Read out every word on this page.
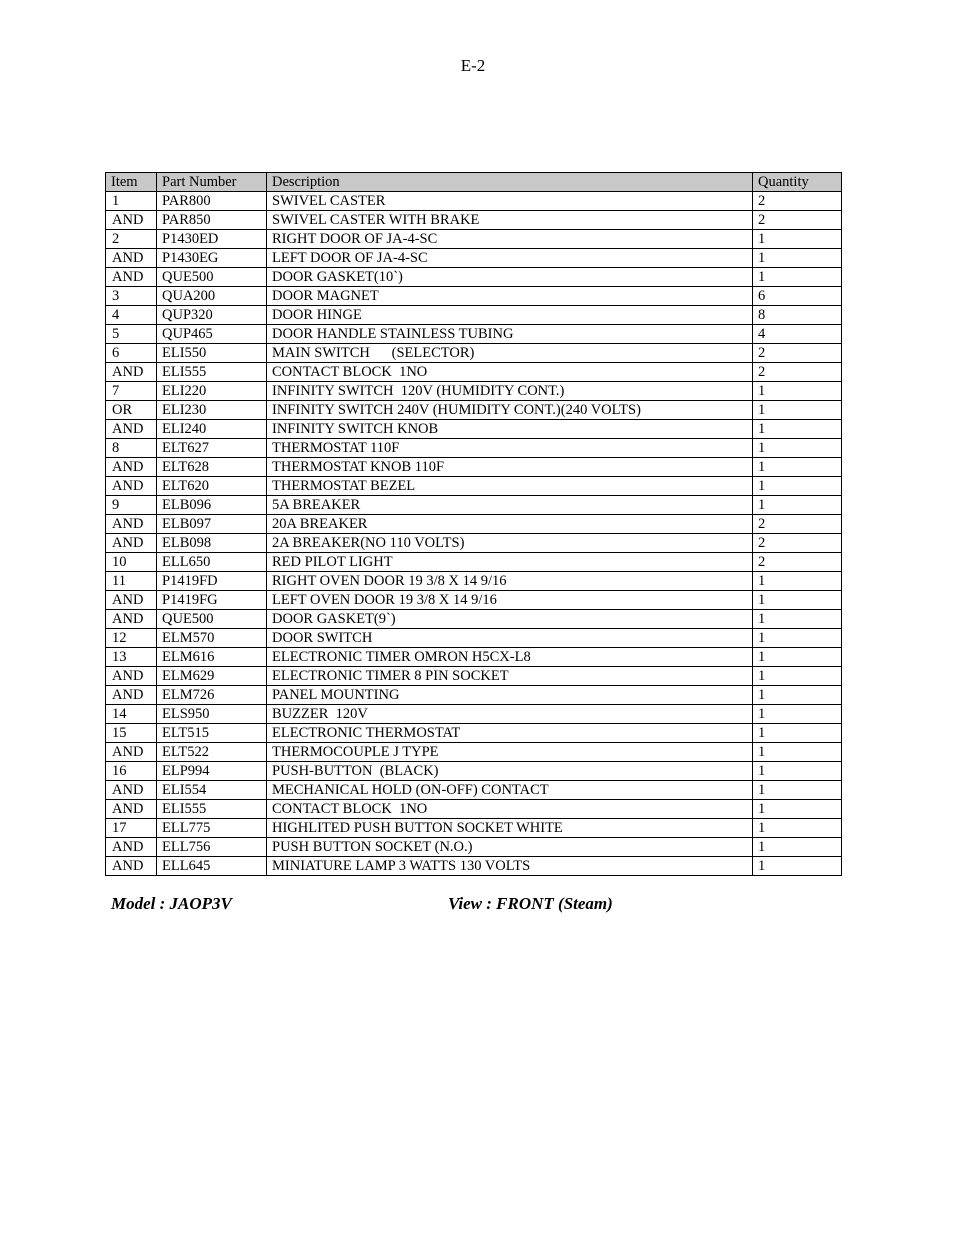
E-2
Item	Part Number	Description	Quantity
1	PAR800	SWIVEL CASTER	2
AND	PAR850	SWIVEL CASTER WITH BRAKE	2
2	P1430ED	RIGHT DOOR OF JA-4-SC	1
AND	P1430EG	LEFT DOOR OF JA-4-SC	1
AND	QUE500	DOOR GASKET(10`)	1
3	QUA200	DOOR MAGNET	6
4	QUP320	DOOR HINGE	8
5	QUP465	DOOR HANDLE STAINLESS TUBING	4
6	ELI550	MAIN SWITCH      (SELECTOR)	2
AND	ELI555	CONTACT BLOCK  1NO	2
7	ELI220	INFINITY SWITCH  120V (HUMIDITY CONT.)	1
OR	ELI230	INFINITY SWITCH 240V (HUMIDITY CONT.)(240 VOLTS)	1
AND	ELI240	INFINITY SWITCH KNOB	1
8	ELT627	THERMOSTAT 110F	1
AND	ELT628	THERMOSTAT KNOB 110F	1
AND	ELT620	THERMOSTAT BEZEL	1
9	ELB096	5A BREAKER	1
AND	ELB097	20A BREAKER	2
AND	ELB098	2A BREAKER(NO 110 VOLTS)	2
10	ELL650	RED PILOT LIGHT	2
11	P1419FD	RIGHT OVEN DOOR 19 3/8 X 14 9/16	1
AND	P1419FG	LEFT OVEN DOOR 19 3/8 X 14 9/16	1
AND	QUE500	DOOR GASKET(9`)	1
12	ELM570	DOOR SWITCH	1
13	ELM616	ELECTRONIC TIMER OMRON H5CX-L8	1
AND	ELM629	ELECTRONIC TIMER 8 PIN SOCKET	1
AND	ELM726	PANEL MOUNTING	1
14	ELS950	BUZZER  120V	1
15	ELT515	ELECTRONIC THERMOSTAT	1
AND	ELT522	THERMOCOUPLE J TYPE	1
16	ELP994	PUSH-BUTTON  (BLACK)	1
AND	ELI554	MECHANICAL HOLD (ON-OFF) CONTACT	1
AND	ELI555	CONTACT BLOCK  1NO	1
17	ELL775	HIGHLITED PUSH BUTTON SOCKET WHITE	1
AND	ELL756	PUSH BUTTON SOCKET (N.O.)	1
AND	ELL645	MINIATURE LAMP 3 WATTS 130 VOLTS	1
Model : JAOP3V	View : FRONT (Steam)
